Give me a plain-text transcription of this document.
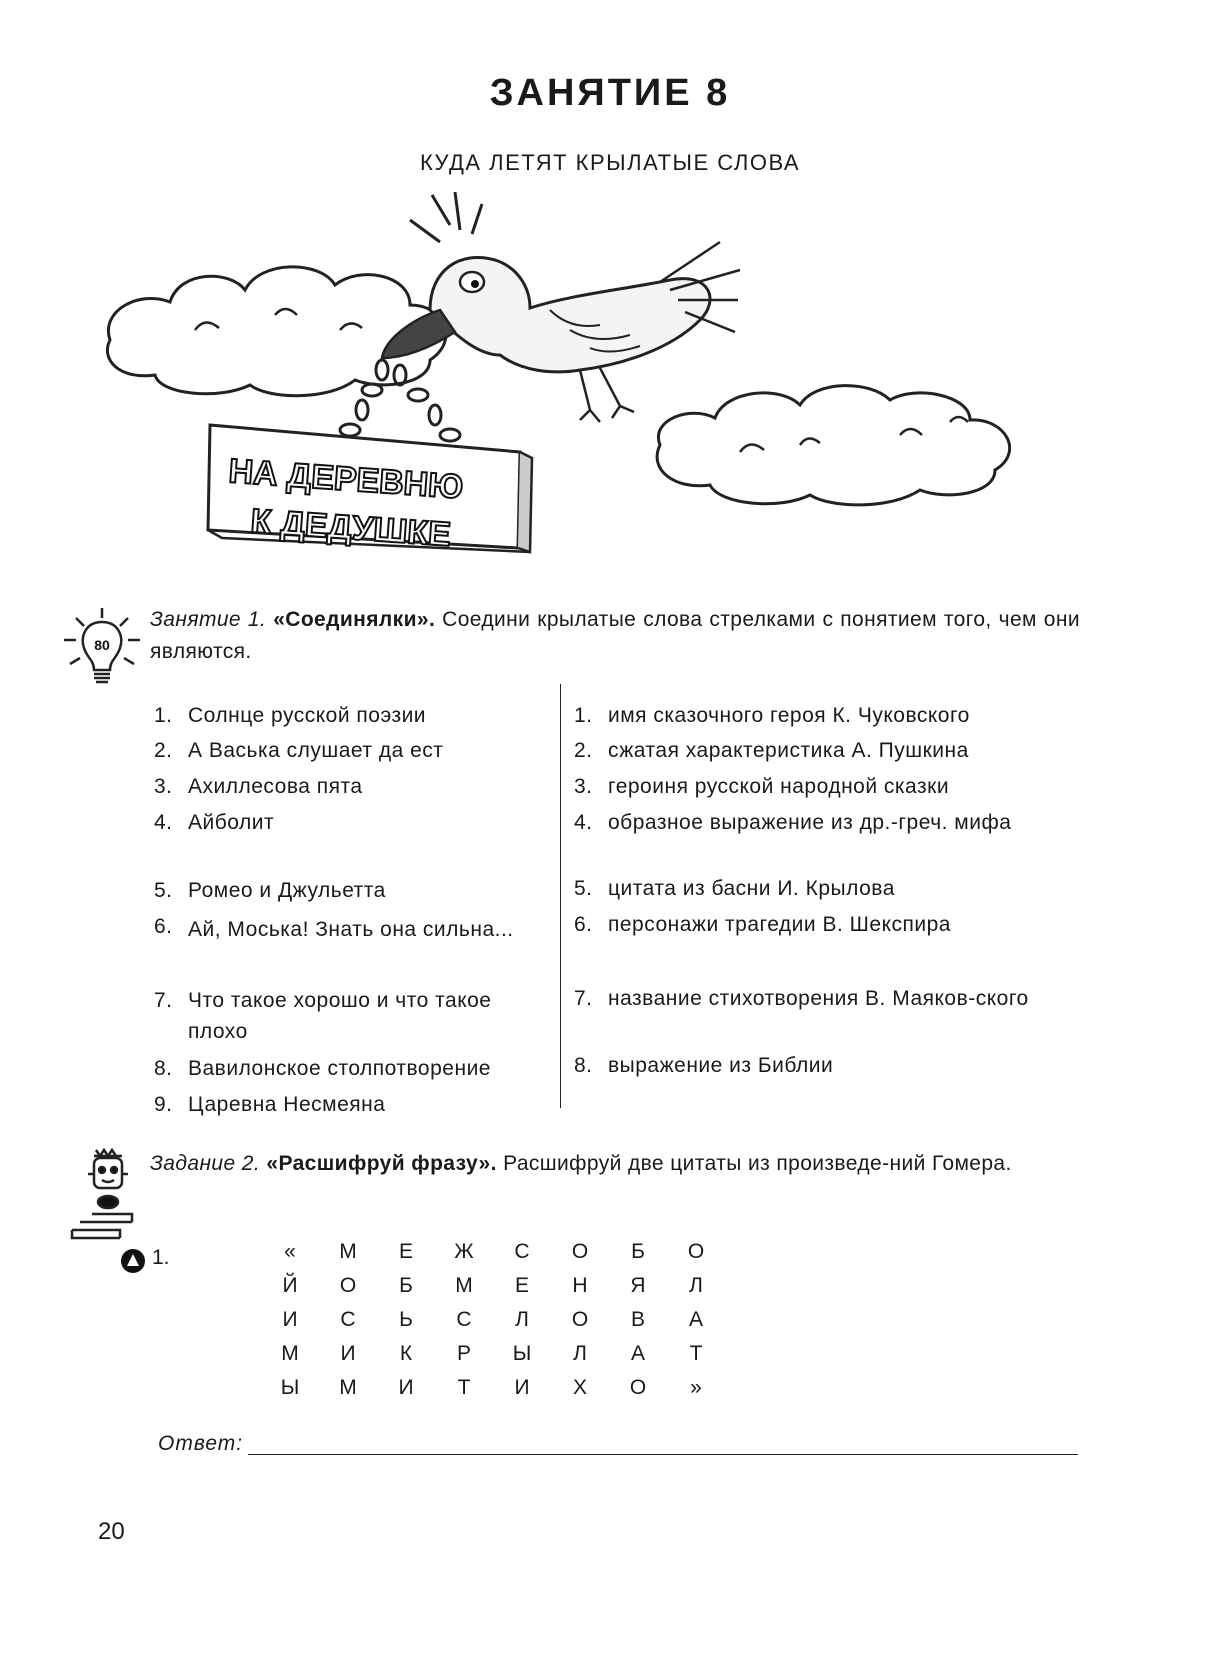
ЗАНЯТИЕ 8
КУДА ЛЕТЯТ КРЫЛАТЫЕ СЛОВА
НА ДЕРЕВНЮ
К ДЕДУШКЕ
80
Занятие 1. «Соединялки». Соедини крылатые слова стрелками с понятием того, чем они являются.
1. Солнце русской поэзии
2. А Васька слушает да ест
3. Ахиллесова пята
4. Айболит
5. Ромео и Джульетта
6. Ай, Моська! Знать она сильна...
7. Что такое хорошо и что такое плохо
8. Вавилонское столпотворение
9. Царевна Несмеяна
1. имя сказочного героя К. Чуковского
2. сжатая характеристика А. Пушкина
3. героиня русской народной сказки
4. образное выражение из др.-греч. мифа
5. цитата из басни И. Крылова
6. персонажи трагедии В. Шекспира
7. название стихотворения В. Маяков-ского
8. выражение из Библии
Задание 2. «Расшифруй фразу». Расшифруй две цитаты из произведе-ний Гомера.
1.	«	М	Е	Ж	С	О	Б	О
Й	О	Б	М	Е	Н	Я	Л
И	С	Ь	С	Л	О	В	А
М	И	К	Р	Ы	Л	А	Т
Ы	М	И	Т	И	Х	О	»
Ответ:
20
